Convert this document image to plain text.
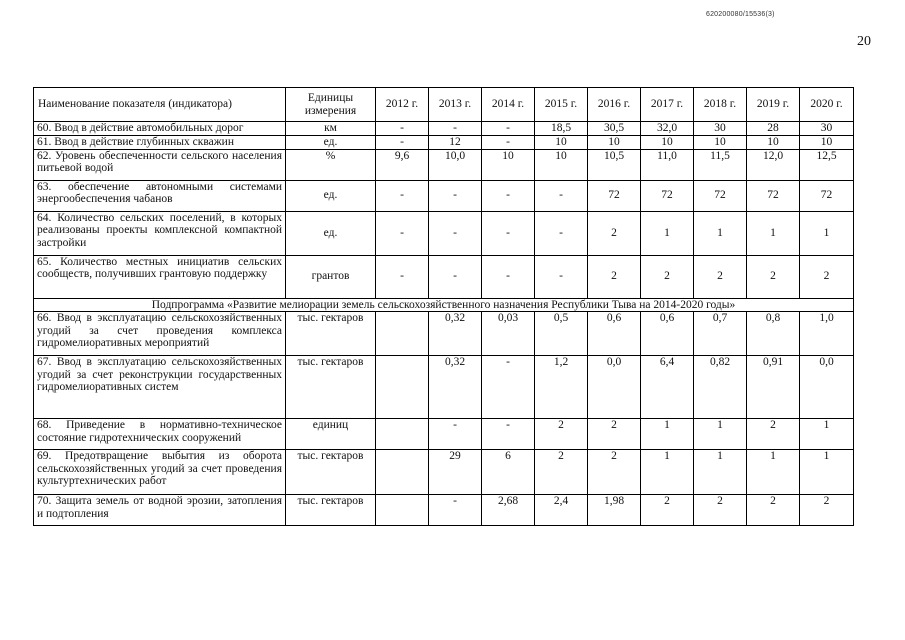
620200080/15536(3)
20
Наименование показателя (индикатора)	Единицы измерения	2012 г.	2013 г.	2014 г.	2015 г.	2016 г.	2017 г.	2018 г.	2019 г.	2020 г.
60. Ввод в действие автомобильных дорог	км	-	-	-	18,5	30,5	32,0	30	28	30
61. Ввод в действие глубинных скважин	ед.	-	12	-	10	10	10	10	10	10
62. Уровень обеспеченности сельского населения питьевой водой	%	9,6	10,0	10	10	10,5	11,0	11,5	12,0	12,5
63. обеспечение автономными системами энергообеспечения чабанов	ед.	-	-	-	-	72	72	72	72	72
64. Количество сельских поселений, в которых реализованы проекты комплексной компактной застройки	ед.	-	-	-	-	2	1	1	1	1
65. Количество местных инициатив сельских сообществ, получивших грантовую поддержку	грантов	-	-	-	-	2	2	2	2	2
Подпрограмма «Развитие мелиорации земель сельскохозяйственного назначения Республики Тыва на 2014-2020 годы»										
66. Ввод в эксплуатацию сельскохозяйственных угодий за счет проведения комплекса гидромелиоративных мероприятий	тыс. гектаров		0,32	0,03	0,5	0,6	0,6	0,7	0,8	1,0
67. Ввод в эксплуатацию сельскохозяйственных угодий за счет реконструкции государственных гидромелиоративных систем	тыс. гектаров		0,32	-	1,2	0,0	6,4	0,82	0,91	0,0
68. Приведение в нормативно-техническое состояние гидротехнических сооружений	единиц		-	-	2	2	1	1	2	1
69. Предотвращение выбытия из оборота сельскохозяйственных угодий за счет проведения культуртехнических работ	тыс. гектаров		29	6	2	2	1	1	1	1
70. Защита земель от водной эрозии, затопления и подтопления	тыс. гектаров		-	2,68	2,4	1,98	2	2	2	2
